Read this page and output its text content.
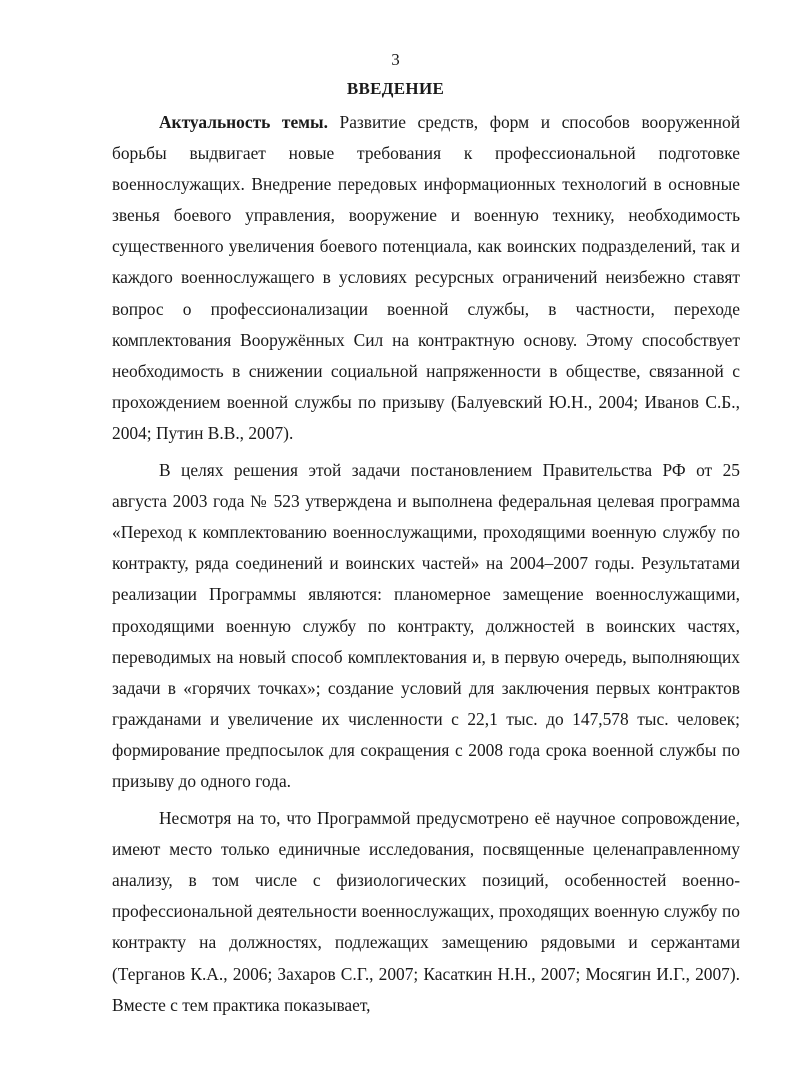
3
ВВЕДЕНИЕ

Актуальность темы. Развитие средств, форм и способов вооруженной борьбы выдвигает новые требования к профессиональной подготовке военнослужащих. Внедрение передовых информационных технологий в основные звенья боевого управления, вооружение и военную технику, необходимость существенного увеличения боевого потенциала, как воинских подразделений, так и каждого военнослужащего в условиях ресурсных ограничений неизбежно ставят вопрос о профессионализации военной службы, в частности, переходе комплектования Вооружённых Сил на контрактную основу. Этому способствует необходимость в снижении социальной напряженности в обществе, связанной с прохождением военной службы по призыву (Балуевский Ю.Н., 2004; Иванов С.Б., 2004; Путин В.В., 2007).

В целях решения этой задачи постановлением Правительства РФ от 25 августа 2003 года № 523 утверждена и выполнена федеральная целевая программа «Переход к комплектованию военнослужащими, проходящими военную службу по контракту, ряда соединений и воинских частей» на 2004–2007 годы. Результатами реализации Программы являются: планомерное замещение военнослужащими, проходящими военную службу по контракту, должностей в воинских частях, переводимых на новый способ комплектования и, в первую очередь, выполняющих задачи в «горячих точках»; создание условий для заключения первых контрактов гражданами и увеличение их численности с 22,1 тыс. до 147,578 тыс. человек; формирование предпосылок для сокращения с 2008 года срока военной службы по призыву до одного года.

Несмотря на то, что Программой предусмотрено её научное сопровождение, имеют место только единичные исследования, посвященные целенаправленному анализу, в том числе с физиологических позиций, особенностей военно-профессиональной деятельности военнослужащих, проходящих военную службу по контракту на должностях, подлежащих замещению рядовыми и сержантами (Терганов К.А., 2006; Захаров С.Г., 2007; Касаткин Н.Н., 2007; Мосягин И.Г., 2007). Вместе с тем практика показывает,
